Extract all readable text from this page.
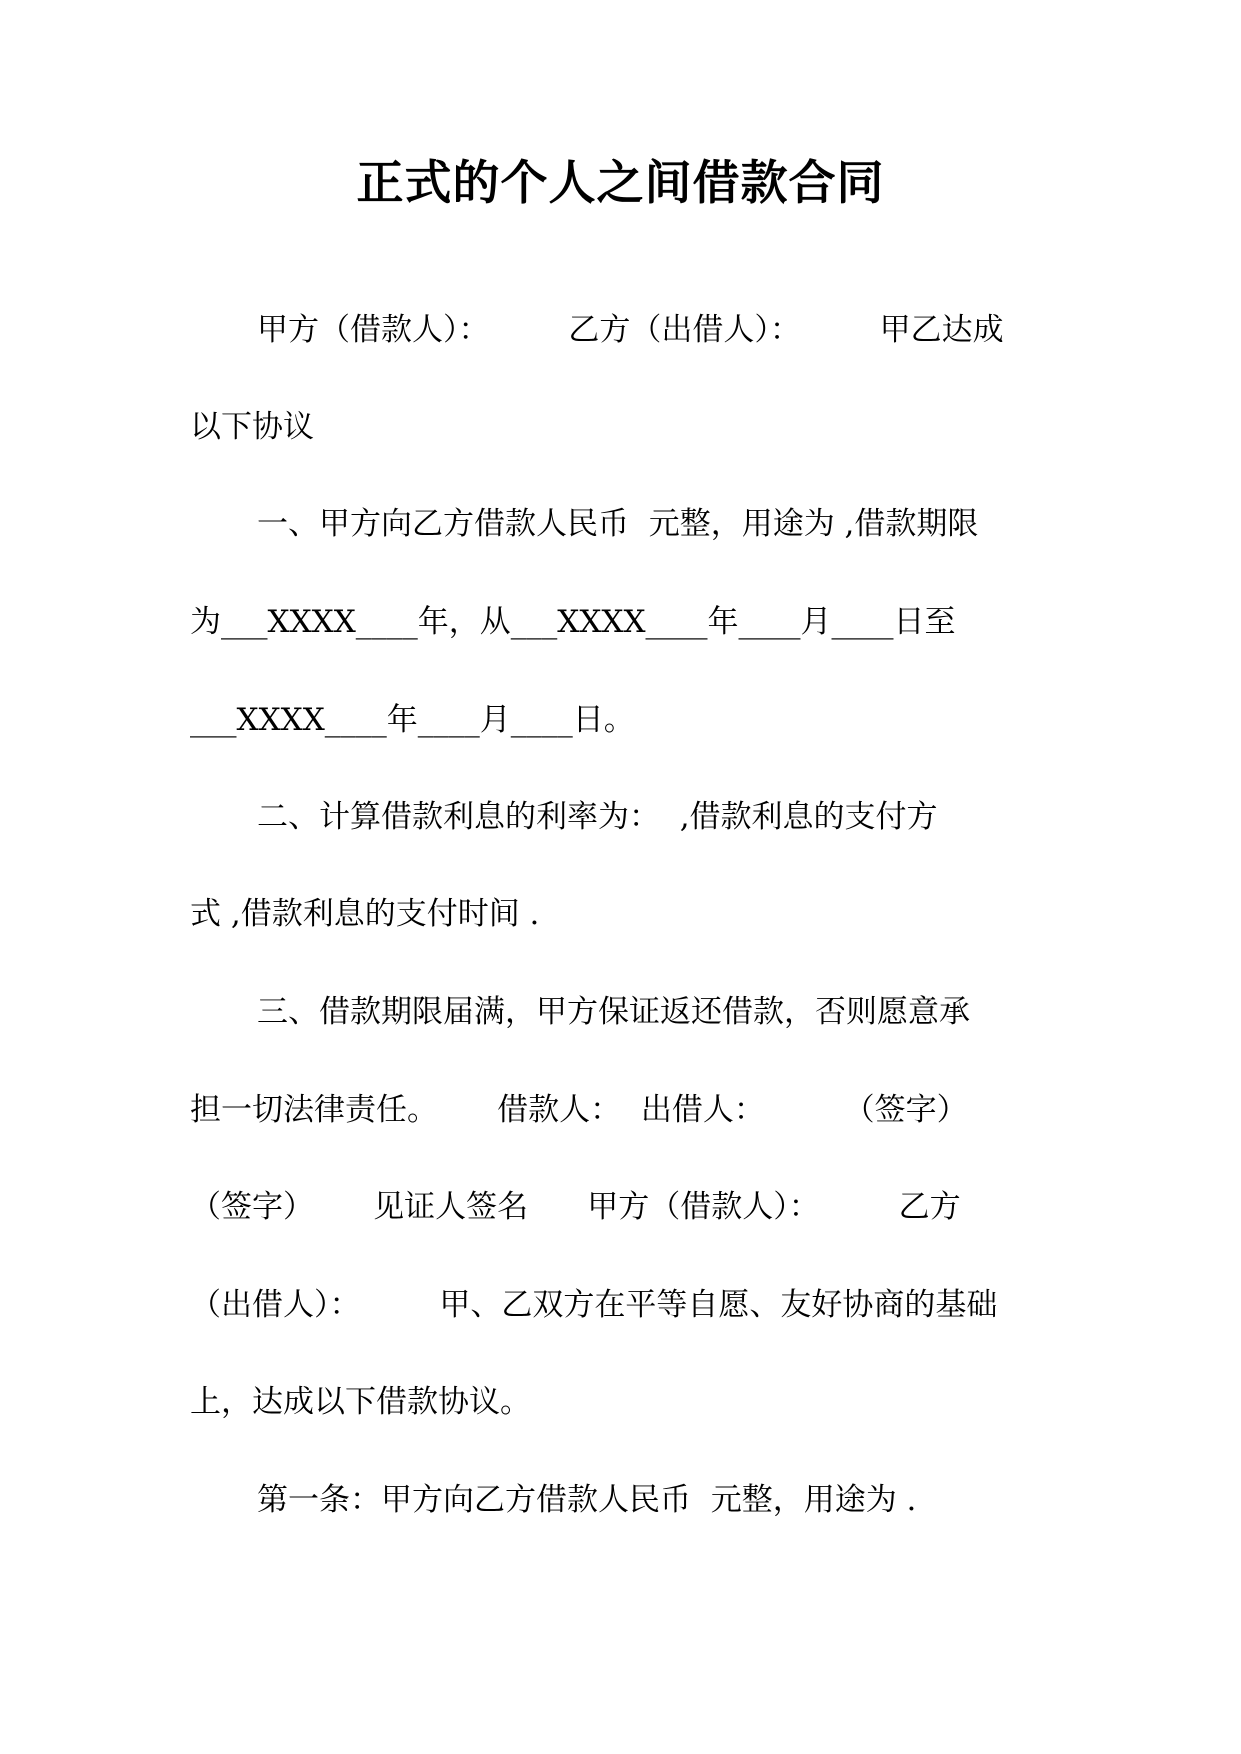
正式的个人之间借款合同
甲方（借款人）：        乙方（出借人）：        甲乙达成
以下协议
一、甲方向乙方借款人民币  元整，用途为 ,借款期限
为___XXXX____年，从___XXXX____年____月____日至
___XXXX____年____月____日。
二、计算借款利息的利率为：  ,借款利息的支付方
式 ,借款利息的支付时间 .
三、借款期限届满，甲方保证返还借款，否则愿意承
担一切法律责任。      借款人：  出借人：        （签字）
（签字）      见证人签名      甲方（借款人）：        乙方
（出借人）：        甲、乙双方在平等自愿、友好协商的基础
上，达成以下借款协议。
第一条：甲方向乙方借款人民币  元整，用途为 .
